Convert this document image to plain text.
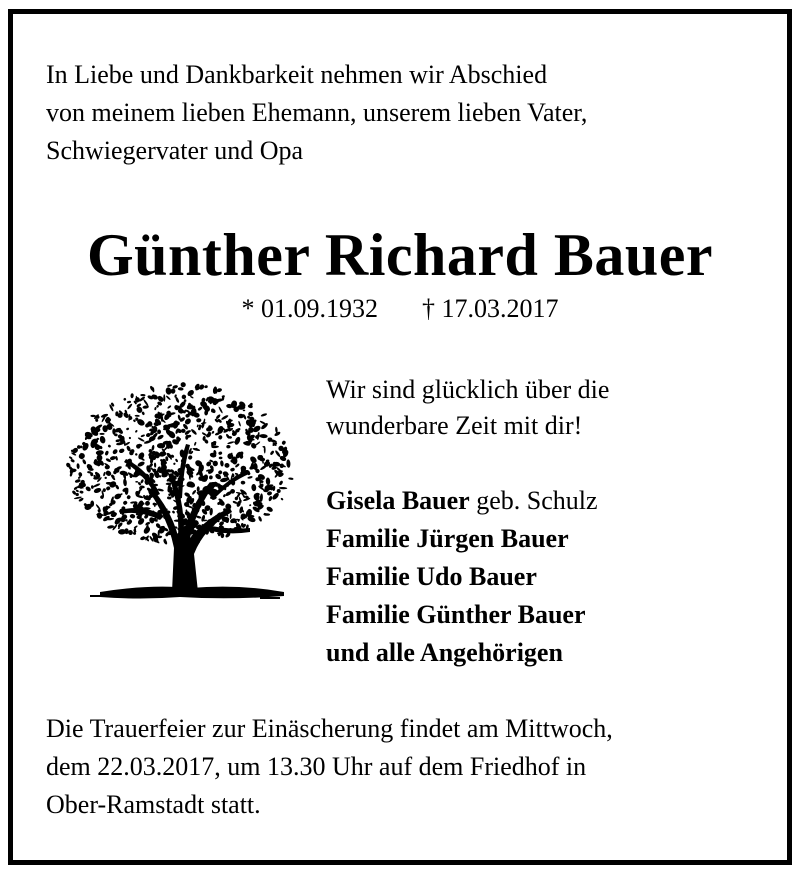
In Liebe und Dankbarkeit nehmen wir Abschied
von meinem lieben Ehemann, unserem lieben Vater,
Schwiegervater und Opa
Günther Richard Bauer
* 01.09.1932 † 17.03.2017
Wir sind glücklich über die
wunderbare Zeit mit dir!
Gisela Bauer geb. Schulz
Familie Jürgen Bauer
Familie Udo Bauer
Familie Günther Bauer
und alle Angehörigen
Die Trauerfeier zur Einäscherung findet am Mittwoch,
dem 22.03.2017, um 13.30 Uhr auf dem Friedhof in
Ober-Ramstadt statt.
